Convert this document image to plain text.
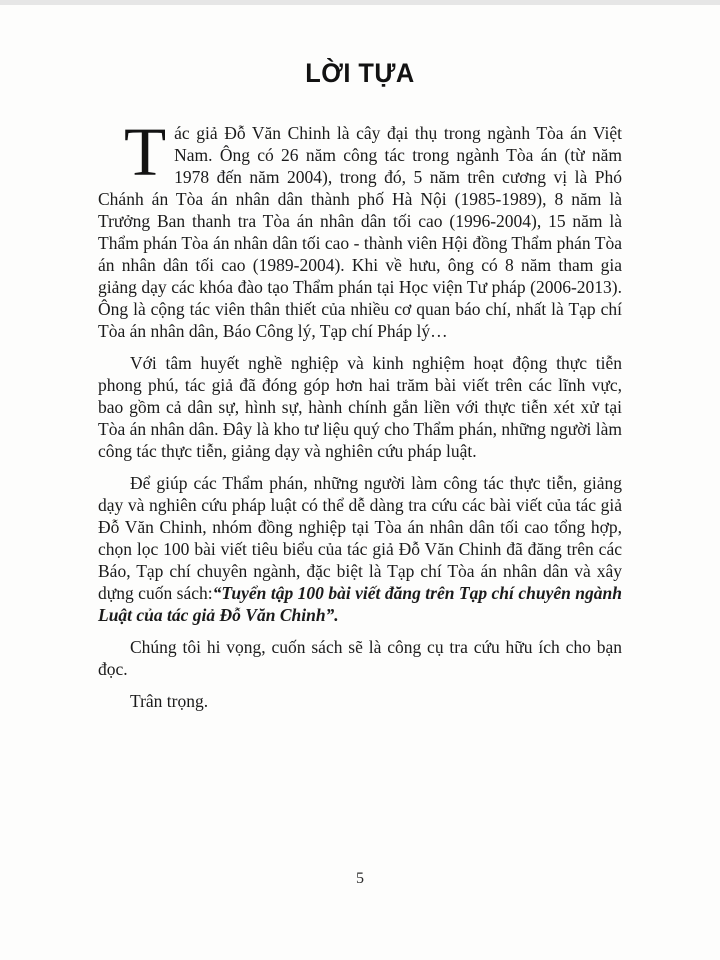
LỜI TỰA

Tác giả Đỗ Văn Chinh là cây đại thụ trong ngành Tòa án Việt Nam. Ông có 26 năm công tác trong ngành Tòa án (từ năm 1978 đến năm 2004), trong đó, 5 năm trên cương vị là Phó Chánh án Tòa án nhân dân thành phố Hà Nội (1985-1989), 8 năm là Trưởng Ban thanh tra Tòa án nhân dân tối cao (1996-2004), 15 năm là Thẩm phán Tòa án nhân dân tối cao - thành viên Hội đồng Thẩm phán Tòa án nhân dân tối cao (1989-2004). Khi về hưu, ông có 8 năm tham gia giảng dạy các khóa đào tạo Thẩm phán tại Học viện Tư pháp (2006-2013). Ông là cộng tác viên thân thiết của nhiều cơ quan báo chí, nhất là Tạp chí Tòa án nhân dân, Báo Công lý, Tạp chí Pháp lý…

Với tâm huyết nghề nghiệp và kinh nghiệm hoạt động thực tiễn phong phú, tác giả đã đóng góp hơn hai trăm bài viết trên các lĩnh vực, bao gồm cả dân sự, hình sự, hành chính gắn liền với thực tiễn xét xử tại Tòa án nhân dân. Đây là kho tư liệu quý cho Thẩm phán, những người làm công tác thực tiễn, giảng dạy và nghiên cứu pháp luật.

Để giúp các Thẩm phán, những người làm công tác thực tiễn, giảng dạy và nghiên cứu pháp luật có thể dễ dàng tra cứu các bài viết của tác giả Đỗ Văn Chinh, nhóm đồng nghiệp tại Tòa án nhân dân tối cao tổng hợp, chọn lọc 100 bài viết tiêu biểu của tác giả Đỗ Văn Chinh đã đăng trên các Báo, Tạp chí chuyên ngành, đặc biệt là Tạp chí Tòa án nhân dân và xây dựng cuốn sách:“Tuyển tập 100 bài viết đăng trên Tạp chí chuyên ngành Luật của tác giả Đỗ Văn Chinh”.

Chúng tôi hi vọng, cuốn sách sẽ là công cụ tra cứu hữu ích cho bạn đọc.

Trân trọng.

5
